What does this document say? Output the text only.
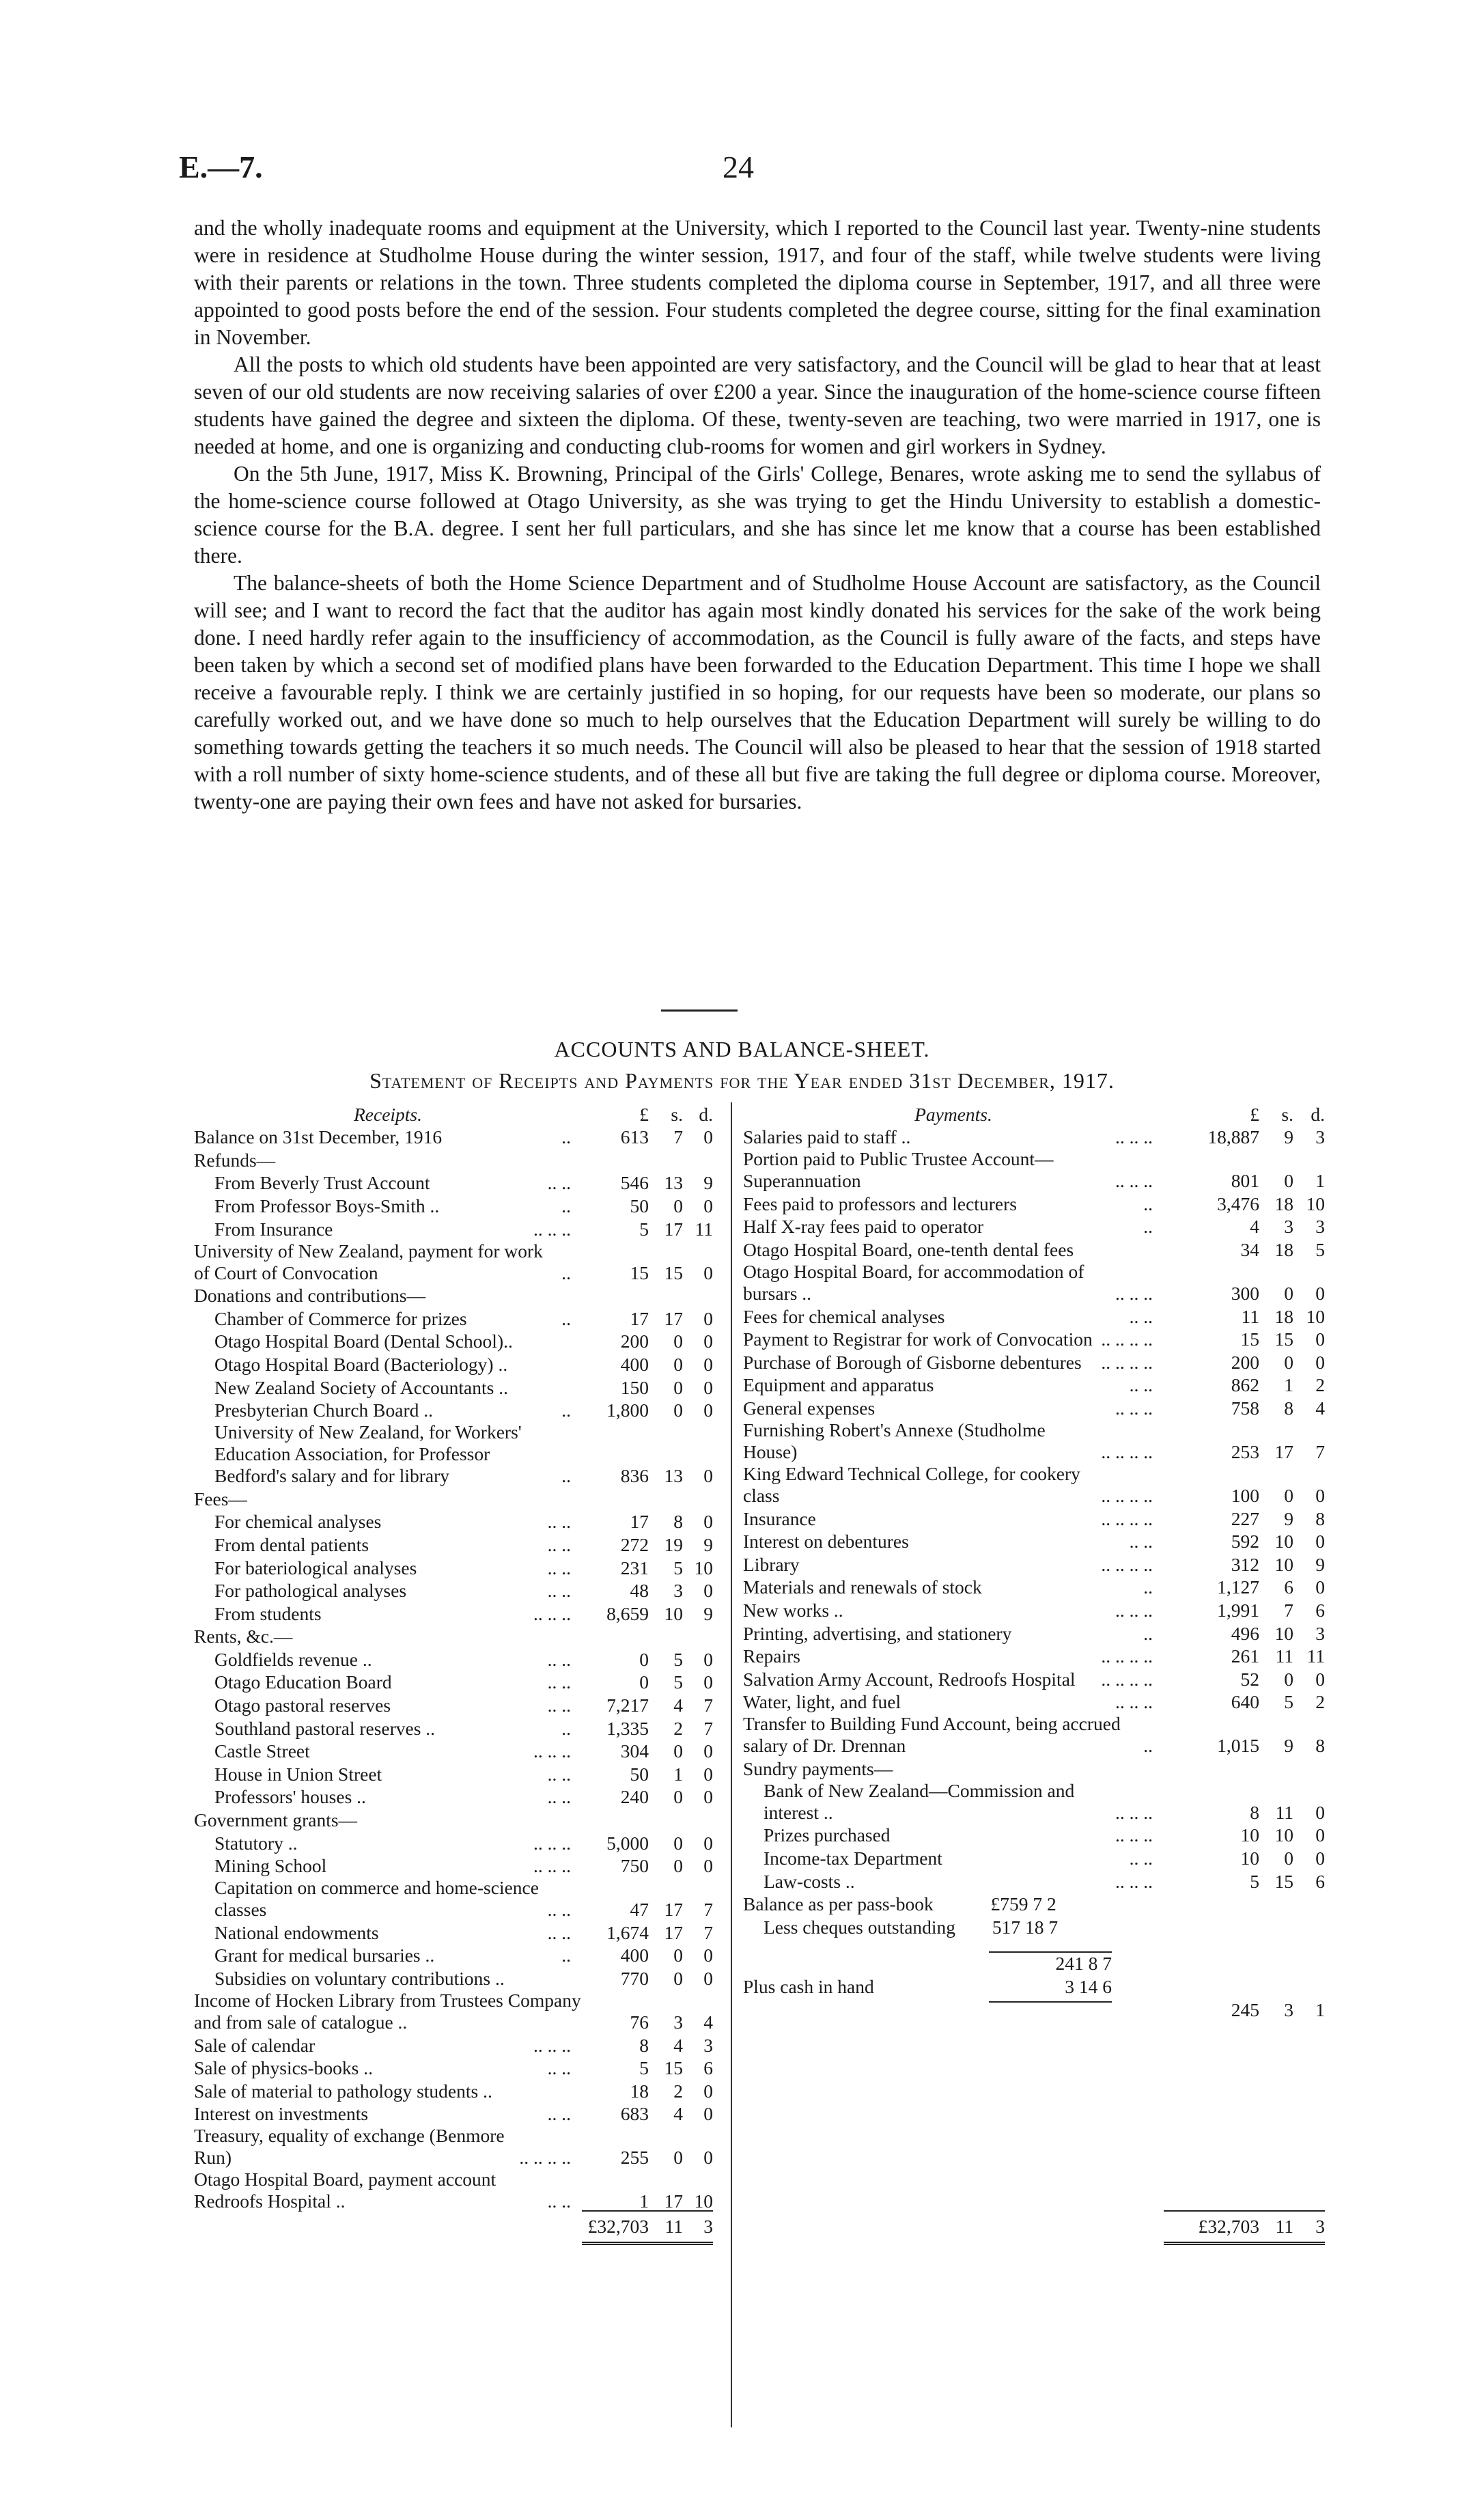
E.—7.	24

and the wholly inadequate rooms and equipment at the University, which I reported to the Council last year. Twenty-nine students were in residence at Studholme House during the winter session, 1917, and four of the staff, while twelve students were living with their parents or relations in the town. Three students completed the diploma course in September, 1917, and all three were appointed to good posts before the end of the session. Four students completed the degree course, sitting for the final examination in November.

All the posts to which old students have been appointed are very satisfactory, and the Council will be glad to hear that at least seven of our old students are now receiving salaries of over £200 a year. Since the inauguration of the home-science course fifteen students have gained the degree and sixteen the diploma. Of these, twenty-seven are teaching, two were married in 1917, one is needed at home, and one is organizing and conducting club-rooms for women and girl workers in Sydney.

On the 5th June, 1917, Miss K. Browning, Principal of the Girls' College, Benares, wrote asking me to send the syllabus of the home-science course followed at Otago University, as she was trying to get the Hindu University to establish a domestic-science course for the B.A. degree. I sent her full particulars, and she has since let me know that a course has been established there.

The balance-sheets of both the Home Science Department and of Studholme House Account are satisfactory, as the Council will see; and I want to record the fact that the auditor has again most kindly donated his services for the sake of the work being done. I need hardly refer again to the insufficiency of accommodation, as the Council is fully aware of the facts, and steps have been taken by which a second set of modified plans have been forwarded to the Education Department. This time I hope we shall receive a favourable reply. I think we are certainly justified in so hoping, for our requests have been so moderate, our plans so carefully worked out, and we have done so much to help ourselves that the Education Department will surely be willing to do something towards getting the teachers it so much needs. The Council will also be pleased to hear that the session of 1918 started with a roll number of sixty home-science students, and of these all but five are taking the full degree or diploma course. Moreover, twenty-one are paying their own fees and have not asked for bursaries.

ACCOUNTS AND BALANCE-SHEET.
Statement of Receipts and Payments for the Year ended 31st December, 1917.
Receipts.	£	s. d.
Balance on 31st December, 1916	..	613	7	0
Refunds—
From Beverly Trust Account	.. ..	546 13	9
From Professor Boys-Smith ..	..	50	0	0
From Insurance	.. .. ..	5 17 11
University of New Zealand, payment for work of Court of Convocation	..	15 15	0
Donations and contributions—
Chamber of Commerce for prizes	..	17 17	0
Otago Hospital Board (Dental School)..	200	0	0
Otago Hospital Board (Bacteriology) ..	400	0	0
New Zealand Society of Accountants ..	150	0	0
Presbyterian Church Board ..	..	1,800	0	0
University of New Zealand, for Workers' Education Association, for Professor Bedford's salary and for library	..	836 13	0
Fees—
For chemical analyses	.. ..	17	8	0
From dental patients	.. ..	272 19	9
For bateriological analyses	.. ..	231	5 10
For pathological analyses	.. ..	48	3	0
From students	.. .. ..	8,659 10	9
Rents, &c.—
Goldfields revenue ..	.. ..	0	5	0
Otago Education Board	.. ..	0	5	0
Otago pastoral reserves	.. ..	7,217	4	7
Southland pastoral reserves ..	..	1,335	2	7
Castle Street	.. .. ..	304	0	0
House in Union Street	.. ..	50	1	0
Professors' houses ..	.. ..	240	0	0
Government grants—
Statutory ..	.. .. ..	5,000	0	0
Mining School	.. .. ..	750	0	0
Capitation on commerce and home-science classes	.. ..	47 17	7
National endowments	.. ..	1,674 17	7
Grant for medical bursaries ..	..	400	0	0
Subsidies on voluntary contributions ..	770	0	0
Income of Hocken Library from Trustees Company and from sale of catalogue ..	76	3	4
Sale of calendar	.. .. ..	8	4	3
Sale of physics-books ..	.. ..	5 15	6
Sale of material to pathology students ..	18	2	0
Interest on investments	.. ..	683	4	0
Treasury, equality of exchange (Benmore Run)	.. .. .. ..	255	0	0
Otago Hospital Board, payment account Redroofs Hospital ..	.. ..	1 17 10
£32,703 11	3
Payments.	£	s. d.
Salaries paid to staff ..	.. .. ..	18,887	9	3
Portion paid to Public Trustee Account—Superannuation	.. .. ..	801	0	1
Fees paid to professors and lecturers	..	3,476 18 10
Half X-ray fees paid to operator	..	4	3	3
Otago Hospital Board, one-tenth dental fees	34 18	5
Otago Hospital Board, for accommodation of bursars ..	.. .. ..	300	0	0
Fees for chemical analyses	.. ..	11 18 10
Payment to Registrar for work of Convocation .. .. .. ..	15 15	0
Purchase of Borough of Gisborne debentures	.. .. .. ..	200	0	0
Equipment and apparatus	.. ..	862	1	2
General expenses	.. .. ..	758	8	4
Furnishing Robert's Annexe (Studholme House)	.. .. .. ..	253 17	7
King Edward Technical College, for cookery class	.. .. .. ..	100	0	0
Insurance	.. .. .. ..	227	9	8
Interest on debentures	.. ..	592 10	0
Library	.. .. .. ..	312 10	9
Materials and renewals of stock	..	1,127	6	0
New works ..	.. .. ..	1,991	7	6
Printing, advertising, and stationery	..	496 10	3
Repairs	.. .. .. ..	261 11 11
Salvation Army Account, Redroofs Hospital	.. .. .. ..	52	0	0
Water, light, and fuel	.. .. ..	640	5	2
Transfer to Building Fund Account, being accrued salary of Dr. Drennan	..	1,015	9	8
Sundry payments—
Bank of New Zealand—Commission and interest ..	.. .. ..	8 11	0
Prizes purchased	.. .. ..	10 10	0
Income-tax Department	.. ..	10	0	0
Law-costs ..	.. .. ..	5 15	6
Balance as per pass-book	£759 7 2
Less cheques outstanding 517 18 7
241 8 7
Plus cash in hand	3 14 6
245	3	1
£32,703 11	3
